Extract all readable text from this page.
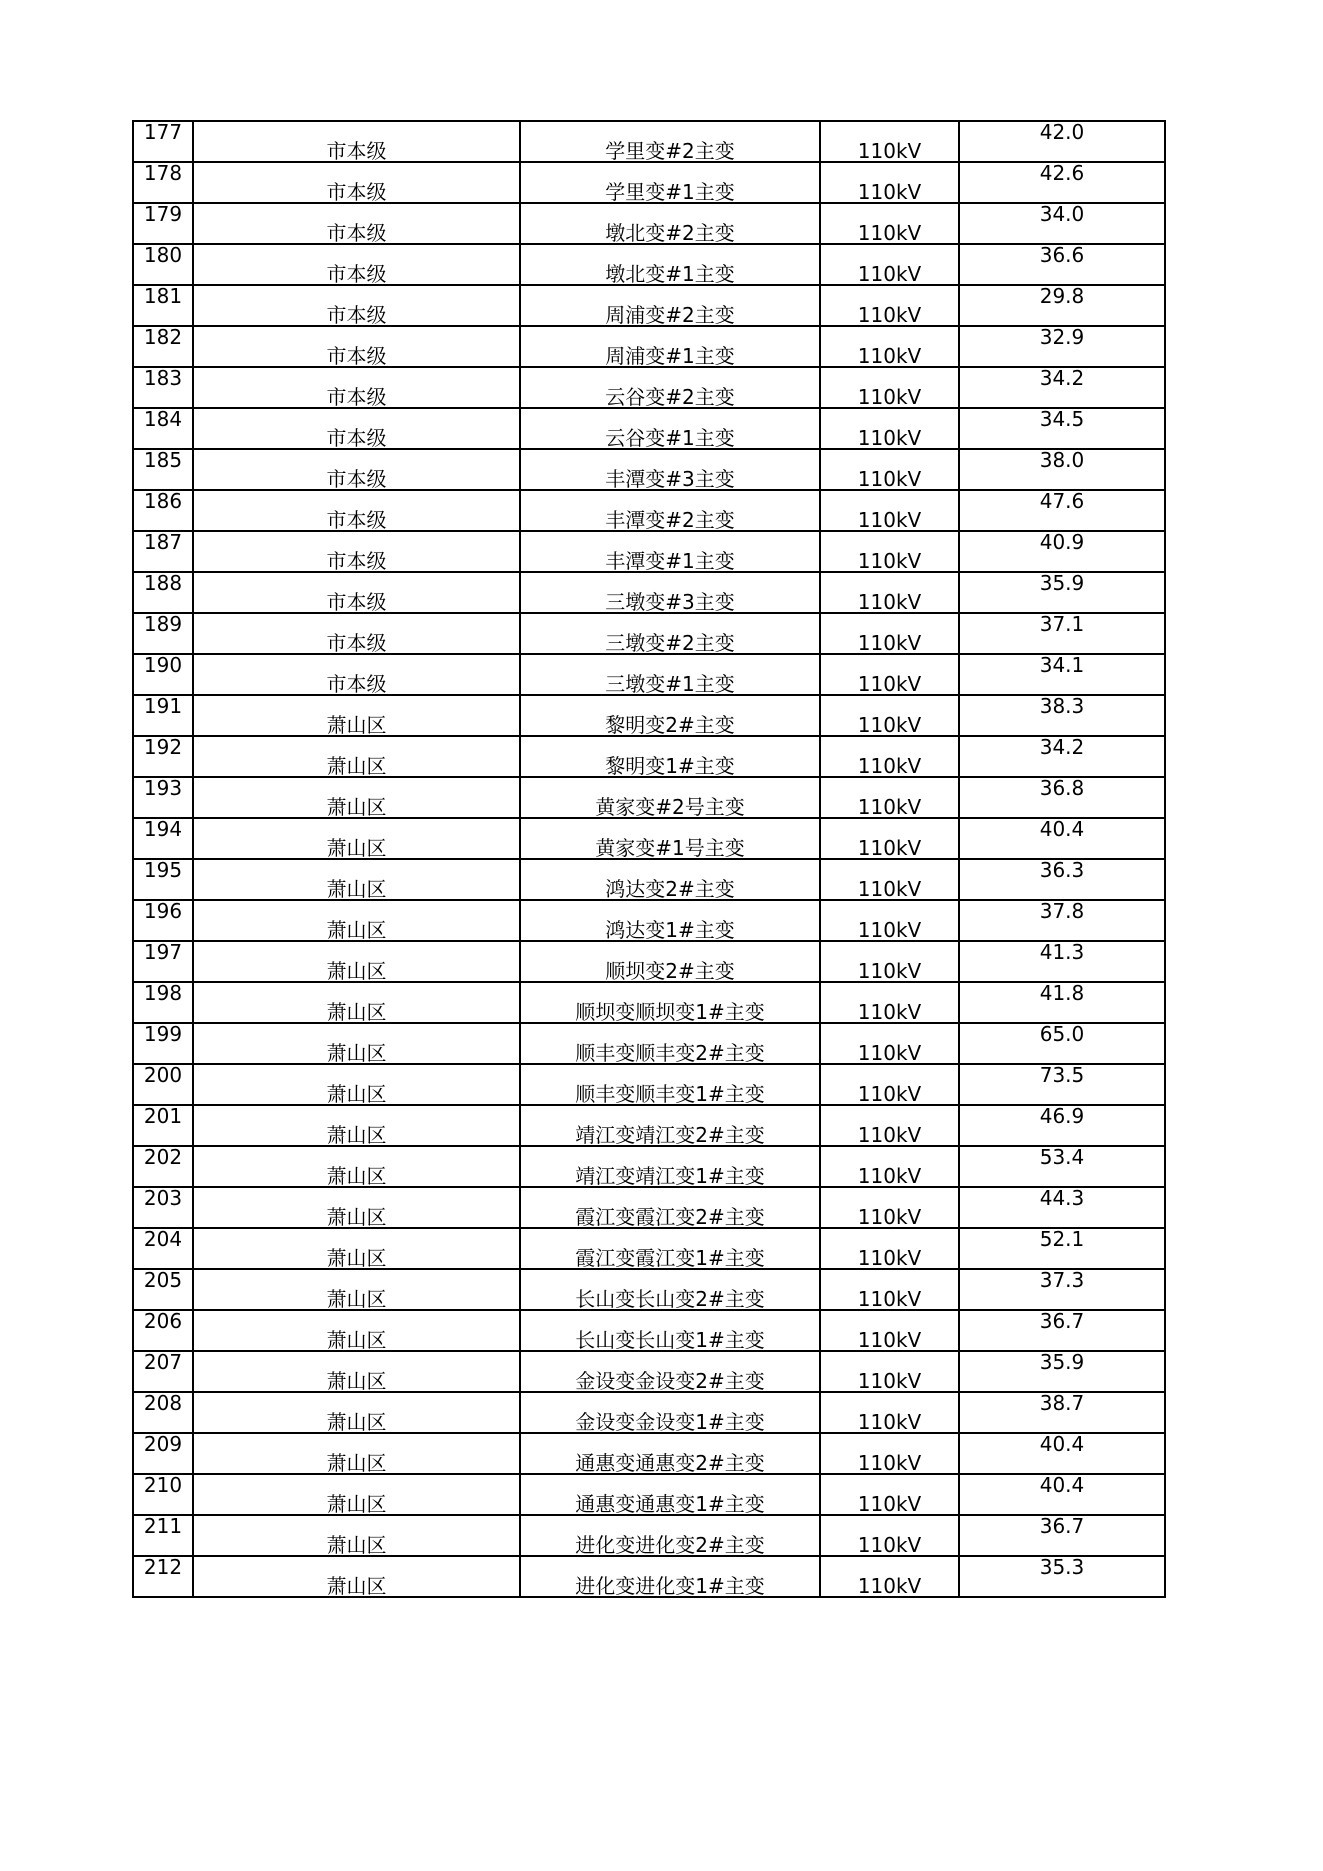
177	市本级	学里变#2主变	110kV	42.0
178	市本级	学里变#1主变	110kV	42.6
179	市本级	墩北变#2主变	110kV	34.0
180	市本级	墩北变#1主变	110kV	36.6
181	市本级	周浦变#2主变	110kV	29.8
182	市本级	周浦变#1主变	110kV	32.9
183	市本级	云谷变#2主变	110kV	34.2
184	市本级	云谷变#1主变	110kV	34.5
185	市本级	丰潭变#3主变	110kV	38.0
186	市本级	丰潭变#2主变	110kV	47.6
187	市本级	丰潭变#1主变	110kV	40.9
188	市本级	三墩变#3主变	110kV	35.9
189	市本级	三墩变#2主变	110kV	37.1
190	市本级	三墩变#1主变	110kV	34.1
191	萧山区	黎明变2#主变	110kV	38.3
192	萧山区	黎明变1#主变	110kV	34.2
193	萧山区	黄家变#2号主变	110kV	36.8
194	萧山区	黄家变#1号主变	110kV	40.4
195	萧山区	鸿达变2#主变	110kV	36.3
196	萧山区	鸿达变1#主变	110kV	37.8
197	萧山区	顺坝变2#主变	110kV	41.3
198	萧山区	顺坝变顺坝变1#主变	110kV	41.8
199	萧山区	顺丰变顺丰变2#主变	110kV	65.0
200	萧山区	顺丰变顺丰变1#主变	110kV	73.5
201	萧山区	靖江变靖江变2#主变	110kV	46.9
202	萧山区	靖江变靖江变1#主变	110kV	53.4
203	萧山区	霞江变霞江变2#主变	110kV	44.3
204	萧山区	霞江变霞江变1#主变	110kV	52.1
205	萧山区	长山变长山变2#主变	110kV	37.3
206	萧山区	长山变长山变1#主变	110kV	36.7
207	萧山区	金设变金设变2#主变	110kV	35.9
208	萧山区	金设变金设变1#主变	110kV	38.7
209	萧山区	通惠变通惠变2#主变	110kV	40.4
210	萧山区	通惠变通惠变1#主变	110kV	40.4
211	萧山区	进化变进化变2#主变	110kV	36.7
212	萧山区	进化变进化变1#主变	110kV	35.3
